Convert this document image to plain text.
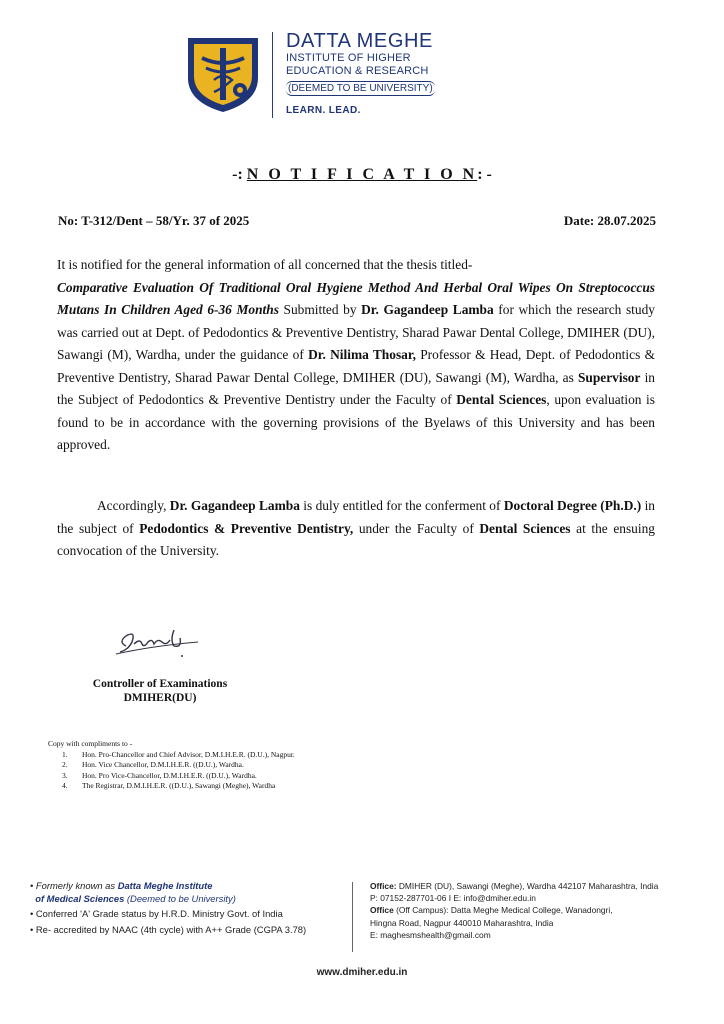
DATTA MEGHE
INSTITUTE OF HIGHER
EDUCATION & RESEARCH
(DEEMED TO BE UNIVERSITY)
LEARN. LEAD.
-: N O T I F I C A T I O N: -
No: T-312/Dent – 58/Yr. 37 of 2025	Date: 28.07.2025
It is notified for the general information of all concerned that the thesis titled-
Comparative Evaluation Of Traditional Oral Hygiene Method And Herbal Oral Wipes On Streptococcus Mutans In Children Aged 6-36 Months Submitted by Dr. Gagandeep Lamba for which the research study was carried out at Dept. of Pedodontics & Preventive Dentistry, Sharad Pawar Dental College, DMIHER (DU), Sawangi (M), Wardha, under the guidance of Dr. Nilima Thosar, Professor & Head, Dept. of Pedodontics & Preventive Dentistry, Sharad Pawar Dental College, DMIHER (DU), Sawangi (M), Wardha, as Supervisor in the Subject of Pedodontics & Preventive Dentistry under the Faculty of Dental Sciences, upon evaluation is found to be in accordance with the governing provisions of the Byelaws of this University and has been approved.
Accordingly, Dr. Gagandeep Lamba is duly entitled for the conferment of Doctoral Degree (Ph.D.) in the subject of Pedodontics & Preventive Dentistry, under the Faculty of Dental Sciences at the ensuing convocation of the University.
Controller of Examinations
DMIHER(DU)
Copy with compliments to -
1. Hon. Pro-Chancellor and Chief Advisor, D.M.I.H.E.R. (D.U.), Nagpur.
2. Hon. Vice Chancellor, D.M.I.H.E.R. ((D.U.), Wardha.
3. Hon. Pro Vice-Chancellor, D.M.I.H.E.R. ((D.U.), Wardha.
4. The Registrar, D.M.I.H.E.R. ((D.U.), Sawangi (Meghe), Wardha
• Formerly known as Datta Meghe Institute
of Medical Sciences (Deemed to be University)
• Conferred 'A' Grade status by H.R.D. Ministry Govt. of India
• Re- accredited by NAAC (4th cycle) with A++ Grade (CGPA 3.78)
Office: DMIHER (DU), Sawangi (Meghe), Wardha 442107 Maharashtra, India
P: 07152-287701-06 I E: info@dmiher.edu.in
Office (Off Campus): Datta Meghe Medical College, Wanadongri,
Hingna Road, Nagpur 440010 Maharashtra, India
E: maghesmshealth@gmail.com
www.dmiher.edu.in
